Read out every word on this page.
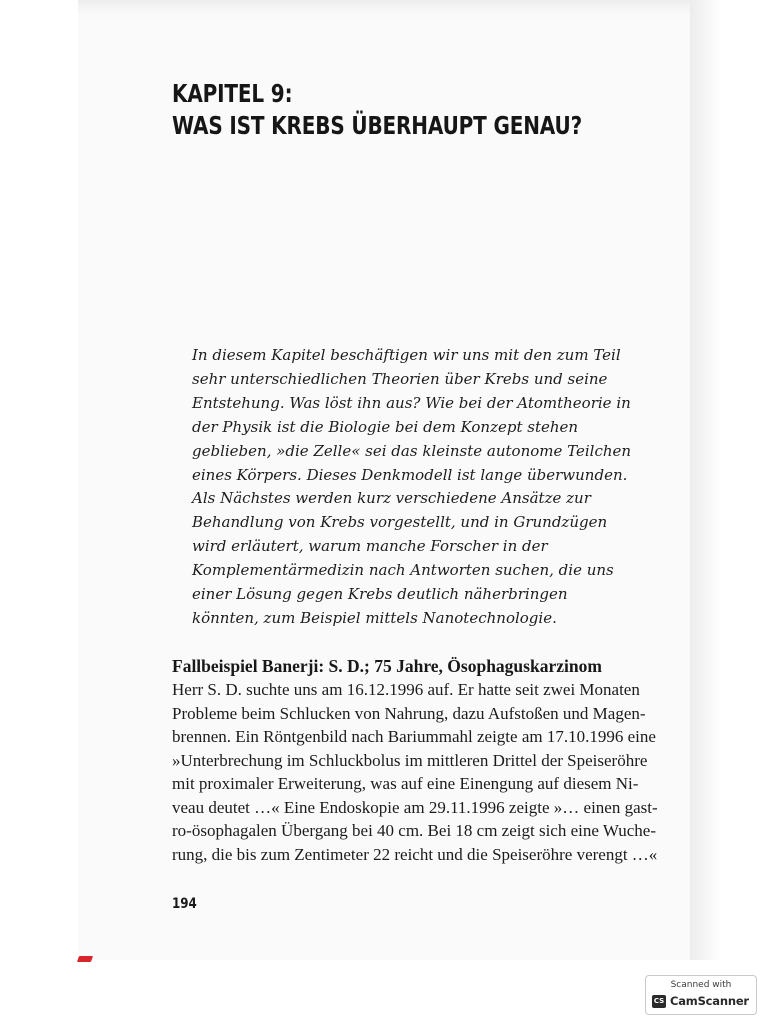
KAPITEL 9:
WAS IST KREBS ÜBERHAUPT GENAU?

In diesem Kapitel beschäftigen wir uns mit den zum Teil sehr unterschiedlichen Theorien über Krebs und seine Entstehung. Was löst ihn aus? Wie bei der Atomtheorie in der Physik ist die Biologie bei dem Konzept stehen geblieben, »die Zelle« sei das kleinste autonome Teilchen eines Körpers. Dieses Denkmodell ist lange überwunden.

Als Nächstes werden kurz verschiedene Ansätze zur Behandlung von Krebs vorgestellt, und in Grundzügen wird erläutert, warum manche Forscher in der Komplementärmedizin nach Antworten suchen, die uns einer Lösung gegen Krebs deutlich näherbringen könnten, zum Beispiel mittels Nanotechnologie.

Fallbeispiel Banerji: S. D.; 75 Jahre, Ösophaguskarzinom
Herr S. D. suchte uns am 16.12.1996 auf. Er hatte seit zwei Monaten
Probleme beim Schlucken von Nahrung, dazu Aufstoßen und Magen-
brennen. Ein Röntgenbild nach Bariummahl zeigte am 17.10.1996 eine
»Unterbrechung im Schluckbolus im mittleren Drittel der Speiseröhre
mit proximaler Erweiterung, was auf eine Einengung auf diesem Ni-
veau deutet …« Eine Endoskopie am 29.11.1996 zeigte »… einen gast-
ro-ösophagalen Übergang bei 40 cm. Bei 18 cm zeigt sich eine Wuche-
rung, die bis zum Zentimeter 22 reicht und die Speiseröhre verengt …«
194
Scanned with
CS CamScanner
